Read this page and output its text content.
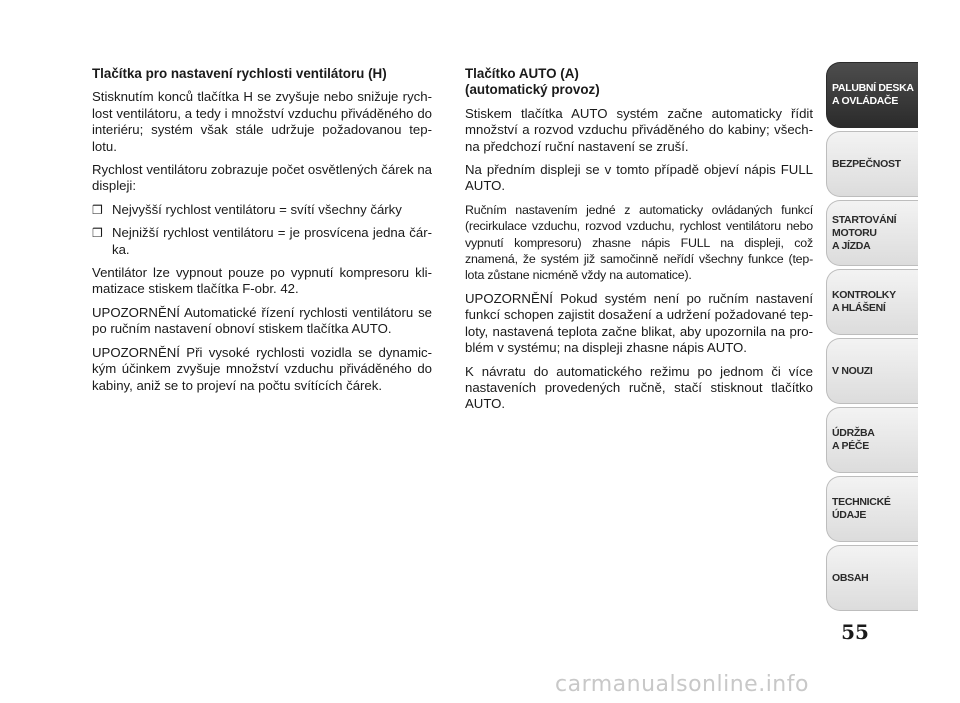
Tlačítka pro nastavení rychlosti ventilátoru (H)

Stisknutím konců tlačítka H se zvyšuje nebo snižuje rych-lost ventilátoru, a tedy i množství vzduchu přiváděného do interiéru; systém však stále udržuje požadovanou tep-lotu.

Rychlost ventilátoru zobrazuje počet osvětlených čárek na displeji:

❒ Nejvyšší rychlost ventilátoru = svítí všechny čárky
❒ Nejnižší rychlost ventilátoru = je prosvícena jedna čár-ka.

Ventilátor lze vypnout pouze po vypnutí kompresoru kli-matizace stiskem tlačítka F-obr. 42.

UPOZORNĚNÍ Automatické řízení rychlosti ventilátoru se po ručním nastavení obnoví stiskem tlačítka AUTO.

UPOZORNĚNÍ Při vysoké rychlosti vozidla se dynamic-kým účinkem zvyšuje množství vzduchu přiváděného do kabiny, aniž se to projeví na počtu svítících čárek.

Tlačítko AUTO (A)
(automatický provoz)

Stiskem tlačítka AUTO systém začne automaticky řídit množství a rozvod vzduchu přiváděného do kabiny; všech-na předchozí ruční nastavení se zruší.

Na předním displeji se v tomto případě objeví nápis FULL AUTO.

Ručním nastavením jedné z automaticky ovládaných funkcí (recirkulace vzduchu, rozvod vzduchu, rychlost ventilátoru nebo vypnutí kompresoru) zhasne nápis FULL na displeji, což znamená, že systém již samočinně neřídí všechny funkce (tep-lota zůstane nicméně vždy na automatice).

UPOZORNĚNÍ Pokud systém není po ručním nastavení funkcí schopen zajistit dosažení a udržení požadované tep-loty, nastavená teplota začne blikat, aby upozornila na pro-blém v systému; na displeji zhasne nápis AUTO.

K návratu do automatického režimu po jednom či více nastaveních provedených ručně, stačí stisknout tlačítko AUTO.

PALUBNÍ DESKA
A OVLÁDAČE
BEZPEČNOST
STARTOVÁNÍ
MOTORU
A JÍZDA
KONTROLKY
A HLÁŠENÍ
V NOUZI
ÚDRŽBA
A PÉČE
TECHNICKÉ
ÚDAJE
OBSAH
55
carmanualsonline.info
